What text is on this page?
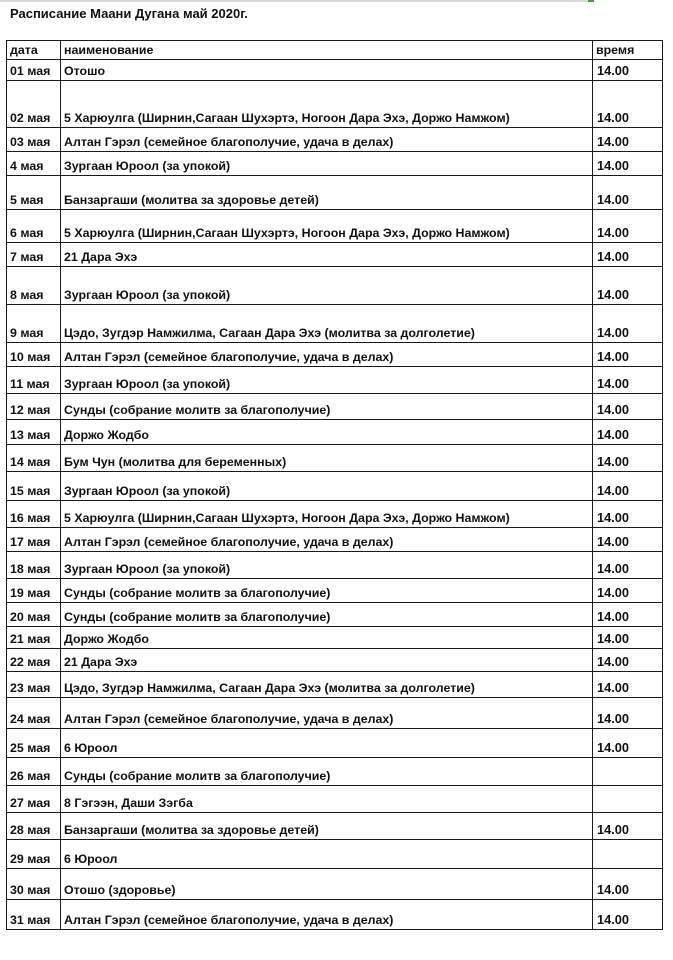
Расписание Маани Дугана май 2020г.
дата	наименование	время
01 мая	Отошо	14.00
02 мая	5 Харюулга (Ширнин,Сагаан Шухэртэ, Ногоон Дара Эхэ, Доржо Намжом)	14.00
03 мая	Алтан Гэрэл (семейное благополучие, удача в делах)	14.00
4 мая	Зургаан Юроол (за упокой)	14.00
5 мая	Банзаргаши (молитва за здоровье детей)	14.00
6 мая	5 Харюулга (Ширнин,Сагаан Шухэртэ, Ногоон Дара Эхэ, Доржо Намжом)	14.00
7 мая	21 Дара Эхэ	14.00
8 мая	Зургаан Юроол (за упокой)	14.00
9 мая	Цэдо, Зугдэр Намжилма, Сагаан Дара Эхэ (молитва за долголетие)	14.00
10 мая	Алтан Гэрэл (семейное благополучие, удача в делах)	14.00
11 мая	Зургаан Юроол (за упокой)	14.00
12 мая	Сунды (собрание молитв за благополучие)	14.00
13 мая	Доржо Жодбо	14.00
14 мая	Бум Чун (молитва для беременных)	14.00
15 мая	Зургаан Юроол (за упокой)	14.00
16 мая	5 Харюулга (Ширнин,Сагаан Шухэртэ, Ногоон Дара Эхэ, Доржо Намжом)	14.00
17 мая	Алтан Гэрэл (семейное благополучие, удача в делах)	14.00
18 мая	Зургаан Юроол (за упокой)	14.00
19 мая	Сунды (собрание молитв за благополучие)	14.00
20 мая	Сунды (собрание молитв за благополучие)	14.00
21 мая	Доржо Жодбо	14.00
22 мая	21 Дара Эхэ	14.00
23 мая	Цэдо, Зугдэр Намжилма, Сагаан Дара Эхэ (молитва за долголетие)	14.00
24 мая	Алтан Гэрэл (семейное благополучие, удача в делах)	14.00
25 мая	6 Юроол	14.00
26 мая	Сунды (собрание молитв за благополучие)	
27 мая	8 Гэгээн, Даши Зэгба	
28 мая	Банзаргаши (молитва за здоровье детей)	14.00
29 мая	6 Юроол	
30 мая	Отошо (здоровье)	14.00
31 мая	Алтан Гэрэл (семейное благополучие, удача в делах)	14.00
